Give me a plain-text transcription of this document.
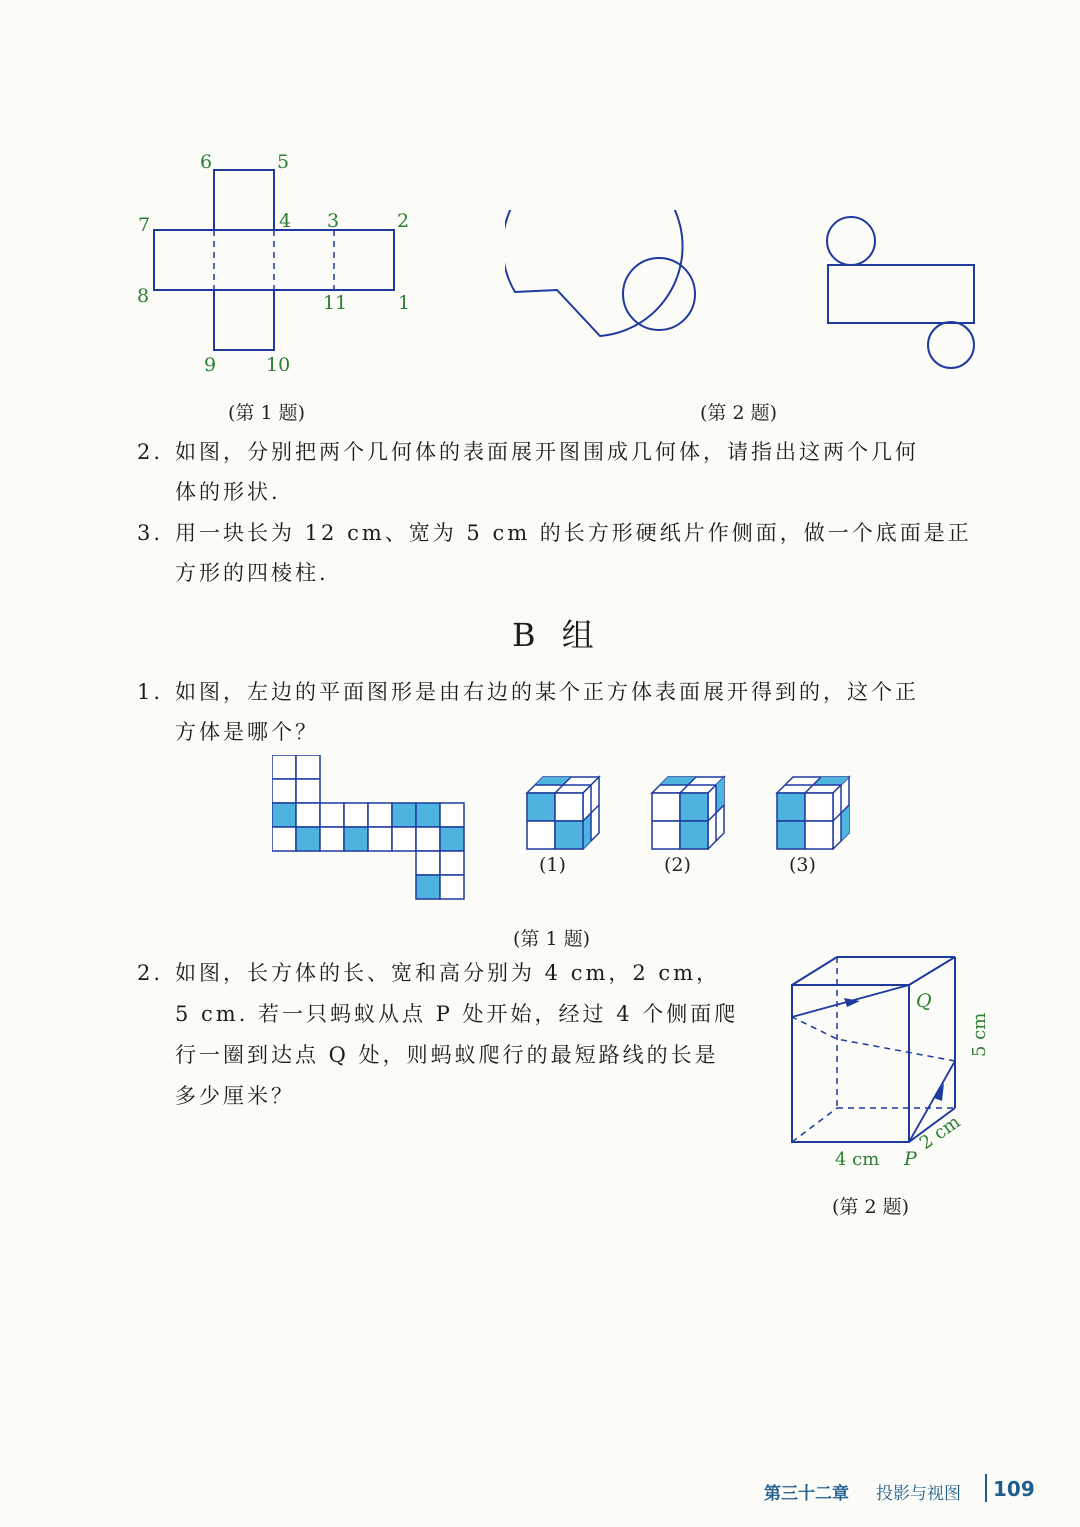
6	5
7	4 3	2
8	11	1
9	10
(第 1 题)	(第 2 题)
2. 如图，分别把两个几何体的表面展开图围成几何体，请指出这两个几何
体的形状.
3. 用一块长为 12 cm、宽为 5 cm 的长方形硬纸片作侧面，做一个底面是正
方形的四棱柱.
B 组
1. 如图，左边的平面图形是由右边的某个正方体表面展开得到的，这个正
方体是哪个？
(1)	(2)	(3)
(第 1 题)
2. 如图，长方体的长、宽和高分别为 4 cm，2 cm，
5 cm. 若一只蚂蚁从点 P 处开始，经过 4 个侧面爬
行一圈到达点 Q 处，则蚂蚁爬行的最短路线的长是
多少厘米？
Q
P
4 cm
2 cm
5 cm
(第 2 题)
第三十二章 投影与视图 109
